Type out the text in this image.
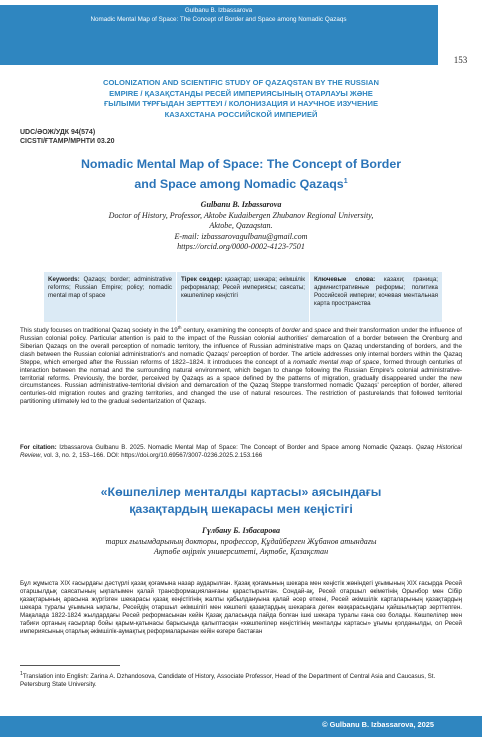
Gulbanu B. Izbassarova
Nomadic Mental Map of Space: The Concept of Border and Space among Nomadic Qazaqs
153
COLONIZATION AND SCIENTIFIC STUDY OF QAZAQSTAN BY THE RUSSIAN
EMPIRE / ҚАЗАҚСТАНДЫ РЕСЕЙ ИМПЕРИЯСЫНЫҢ ОТАРЛАУЫ ЖӘНЕ
ҒЫЛЫМИ ТҰРҒЫДАН ЗЕРТТЕУІ / КОЛОНИЗАЦИЯ И НАУЧНОЕ ИЗУЧЕНИЕ
КАЗАХСТАНА РОССИЙСКОЙ ИМПЕРИЕЙ
UDC/ӘОЖ/УДК 94(574)
CICSTI/ҒТАМР/МРНТИ 03.20
Nomadic Mental Map of Space: The Concept of Border
and Space among Nomadic Qazaqs$^1$
Gulbanu B. Izbassarova
Doctor of History, Professor, Aktobe Kudaibergen Zhubanov Regional University,
Aktobe, Qazaqstan.
E-mail: izbassarovagulbanu@gmail.com
https://orcid.org/0000-0002-4123-7501
Keywords: Qazaqs; border; administrative reforms; Russian Empire; policy; nomadic mental map of space
Тірек сөздер: қазақтар; шекара; әкімшілік реформалар; Ресей империясы; саясаты; көшпелілер кеңістігі
Ключевые слова: казахи; граница; административные реформы; политика Российской империи; кочевая ментальная карта пространства

This study focuses on traditional Qazaq society in the 19th century, examining the concepts of border and space and their transformation under the influence of Russian colonial policy. Particular attention is paid to the impact of the Russian colonial authorities' demarcation of a border between the Orenburg and Siberian Qazaqs on the overall perception of nomadic territory, the influence of Russian administrative maps on Qazaq understanding of borders, and the clash between the Russian colonial administration's and nomadic Qazaqs' perception of border. The article addresses only internal borders within the Qazaq Steppe, which emerged after the Russian reforms of 1822–1824. It introduces the concept of a nomadic mental map of space, formed through centuries of interaction between the nomad and the surrounding natural environment, which began to change following the Russian Empire's colonial administrative-territorial reforms. Previously, the border, perceived by Qazaqs as a space defined by the patterns of migration, gradually disappeared under the new circumstances. Russian administrative-territorial division and demarcation of the Qazaq Steppe transformed nomadic Qazaqs' perception of border, altered centuries-old migration routes and grazing territories, and changed the use of natural resources. The restriction of pasturelands that followed territorial partitioning ultimately led to the gradual sedentarization of Qazaqs.

For citation: Izbassarova Gulbanu B. 2025. Nomadic Mental Map of Space: The Concept of Border and Space among Nomadic Qazaqs. Qazaq Historical Review, vol. 3, no. 2, 153–166. DOI: https://doi.org/10.69567/3007-0236.2025.2.153.166
«Көшпелілер менталды картасы» аясындағы
қазақтардың шекарасы мен кеңістігі
Гүлбану Б. Ізбасарова
тарих ғылымдарының докторы, профессор, Құдайберген Жұбанов атындағы
Ақтөбе өңірлік университеті, Ақтөбе, Қазақстан
Бұл жұмыста XIX ғасырдағы дәстүрлі қазақ қоғамына назар аударылған. Қазақ қоғамының шекара мен кеңістік жөніндегі ұғымының XIX ғасырда Ресей отаршылдық саясатының ықпалымен қалай трансформацияланғаны қарастырылған. Сондай-ақ, Ресей отаршыл өкіметінің Орынбор мен Сібір қазақтарының арасына жүргізген шекарасы қазақ кеңістігінің жалпы қабылдануына қалай әсер еткені, Ресей әкімшілік карталарының қазақтардың шекара туралы ұғымына ықпалы, Ресейдің отаршыл әкімшілігі мен көшпелі қазақтардың шекараға деген көзқарасындағы қайшылықтар зерттелген. Мақалада 1822-1824 жылдардағы Ресей реформасынан кейін Қазақ даласында пайда болған ішкі шекара туралы ғана сөз болады. Көшпелілер мен табиғи ортаның ғасырлар бойы қарым-қатынасы барысында қалыптасқан «көшпелілер кеңістігінің менталды картасы» ұғымы қолданылды, ол Ресей империясының отарлық әкімшілік-аумақтық реформаларынан кейін өзгере бастаған
$^1$Translation into English: Zarina A. Dzhandosova, Candidate of History, Associate Professor, Head of the Department of Central Asia and Caucasus, St. Petersburg State University.
© Gulbanu B. Izbassarova, 2025
